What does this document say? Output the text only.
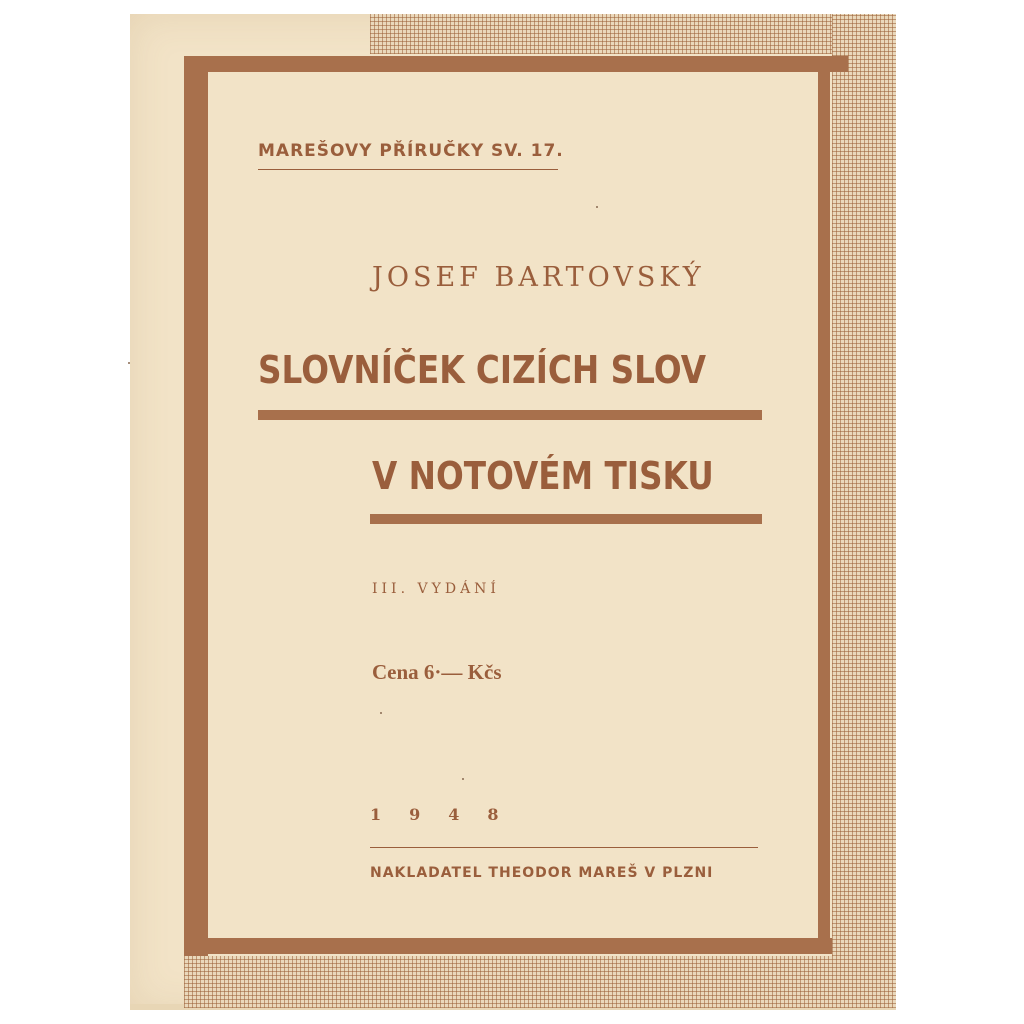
MAREŠOVY PŘÍRUČKY SV. 17.
JOSEF BARTOVSKÝ
SLOVNÍČEK CIZÍCH SLOV
V NOTOVÉM TISKU
III. VYDÁNÍ
Cena 6·— Kčs
1948
NAKLADATEL THEODOR MAREŠ V PLZNI
